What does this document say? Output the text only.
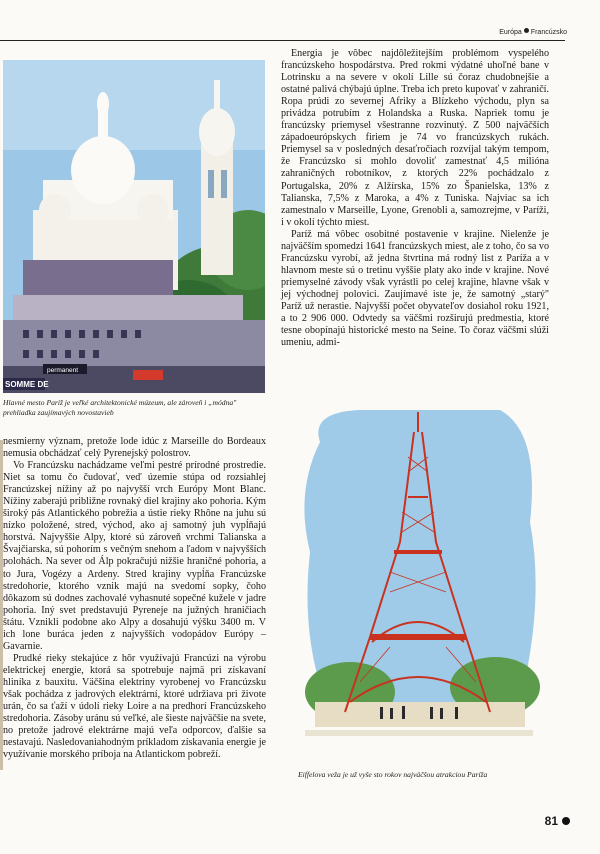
Európa Francúzsko
permanent
SOMME DE
Hlavné mesto Paríž je veľké architektonické múzeum, ale zároveň i „módna" prehliadka zaujímavých novostavieb

Energia je vôbec najdôležitejším problémom vyspelého francúzskeho hospodárstva. Pred rokmi výdatné uhoľné bane v Lotrinsku a na severe v okolí Lille sú čoraz chudobnejšie a ostatné palivá chýbajú úplne. Treba ich preto kupovať v zahraničí. Ropa prúdi zo severnej Afriky a Blízkeho východu, plyn sa privádza potrubím z Holandska a Ruska. Napriek tomu je francúzsky priemysel všestranne rozvinutý. Z 500 najväčších západoeurópskych firiem je 74 vo francúzskych rukách. Priemysel sa v posledných desaťročiach rozvíjal takým tempom, že Francúzsko si mohlo dovoliť zamestnať 4,5 milióna zahraničných robotníkov, z ktorých 22% pochádzalo z Portugalska, 20% z Alžírska, 15% zo Španielska, 13% z Talianska, 7,5% z Maroka, a 4% z Tuniska. Najviac sa ich zamestnalo v Marseille, Lyone, Grenobli a, samozrejme, v Paríži, i v okolí týchto miest.

Paríž má vôbec osobitné postavenie v krajine. Nielenže je najväčším spomedzi 1641 francúzskych miest, ale z toho, čo sa vo Francúzsku vyrobí, až jedna štvrtina má rodný list z Paríža a v hlavnom meste sú o tretinu vyššie platy ako inde v krajine. Nové priemyselné závody však vyrástli po celej krajine, hlavne však v jej východnej polovici. Zaujímavé iste je, že samotný „starý" Paríž už nerastie. Najvyšší počet obyvateľov dosiahol roku 1921, a to 2 906 000. Odvtedy sa väčšmi rozširujú predmestia, ktoré tesne obopínajú historické mesto na Seine. To čoraz väčšmi slúži umeniu, admi-

nesmierny význam, pretože lode idúc z Marseille do Bordeaux nemusia obchádzať celý Pyrenejský polostrov.

Vo Francúzsku nachádzame veľmi pestré prírodné prostredie. Niet sa tomu čo čudovať, veď územie stúpa od rozsiahlej Francúzskej nížiny až po najvyšší vrch Európy Mont Blanc. Nížiny zaberajú približne rovnaký diel krajiny ako pohoria. Kým široký pás Atlantického pobrežia a ústie rieky Rhône na juhu sú nízko položené, stred, východ, ako aj samotný juh vypĺňajú horstvá. Najvyššie Alpy, ktoré sú zároveň vrchmi Talianska a Švajčiarska, sú pohorím s večným snehom a ľadom v najvyšších polohách. Na sever od Álp pokračujú nižšie hraničné pohoria, a to Jura, Vogézy a Ardeny. Stred krajiny vypĺňa Francúzske stredohorie, ktorého vznik majú na svedomí sopky, čoho dôkazom sú dodnes zachovalé vyhasnuté sopečné kužele v jadre pohoria. Iný svet predstavujú Pyreneje na južných hraničiach štátu. Vznikli podobne ako Alpy a dosahujú výšku 3400 m. V ich lone burácа jeden z najvyšších vodopádov Európy – Gavarnie.

Prudké rieky stekajúce z hôr využívajú Francúzi na výrobu elektrickej energie, ktorá sa spotrebuje najmä pri získavaní hliníka z bauxitu. Väčšina elektriny vyrobenej vo Francúzsku však pochádza z jadrových elektrární, ktoré udržiava pri živote urán, čo sa ťaží v údolí rieky Loire a na predhorí Francúzskeho stredohoria. Zásoby uránu sú veľké, ale šieste najväčšie na svete, no pretože jadrové elektrárne majú veľa odporcov, ďalšie sa nestavajú. Nasledovaniahodným príkladom získavania energie je využívanie morského príboja na Atlantickom pobreží.

Eiffelova veža je už vyše sto rokov najväčšou atrakciou Paríža
81
